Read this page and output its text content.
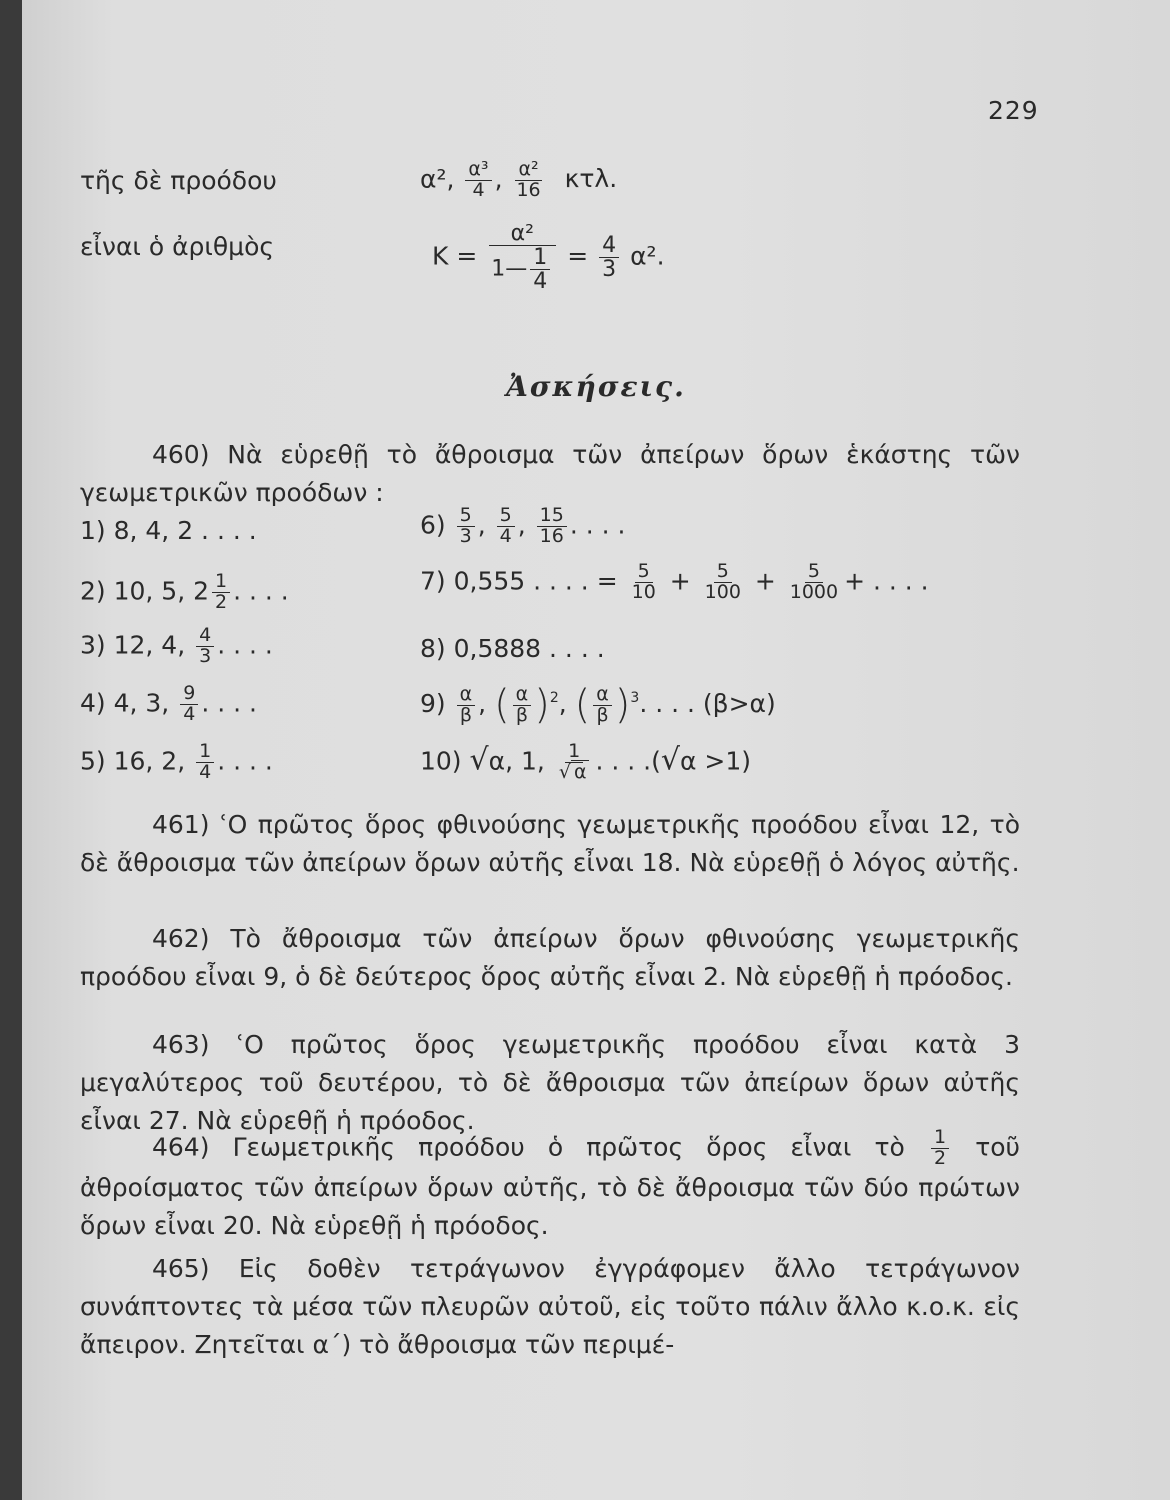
229
τῆς δὲ προόδου	α², $\frac{\text{α³}}{4}$ , $\frac{\text{α²}}{16} \kappa\tau\lambda$.
εἶναι ὁ ἀριθμὸς	$K = \frac{\text{α²}}{1— \frac{1}{4}} = \frac{4}{3} \alpha^2$.
Ἀσκήσεις.
460) Νὰ εὑρεθῇ τὸ ἄθροισμα τῶν ἀπείρων ὅρων ἑκάστης τῶν γεωμετρικῶν προόδων :
1) 8, 4, 2 . . . .
2) 10, 5, $2 \frac{1}{2}$ . . . .
3) 12, 4, $\frac{4}{3}$ . . . .
4) 4, 3, $\frac{9}{4}$ . . . .
5) 16, 2, $\frac{1}{4}$ . . . .
$6) \frac{5}{3}$ , $\frac{5}{4}$ , $\frac{15}{16}$ . . . .
7) 0,555 . . . . = $\frac{5}{10} + \frac{5}{100} + \frac{5}{1000}$ + . . . .
8) 0,5888 . . . .
$9) \frac{\alpha}{\beta}$ , ( $\frac{\alpha}{\beta} )^2$, ( $\frac{\alpha}{\beta} )^3$. . . . (β>α)
10) √α, 1, $\frac{1}{√ \alpha}$ . . . .(√α >1)
461) ʿΟ πρῶτος ὅρος φθινούσης γεωμετρικῆς προόδου εἶναι 12, τὸ δὲ ἄθροισμα τῶν ἀπείρων ὅρων αὐτῆς εἶναι 18. Νὰ εὑρεθῇ ὁ λόγος αὐτῆς.
462) Τὸ ἄθροισμα τῶν ἀπείρων ὅρων φθινούσης γεωμετρικῆς προόδου εἶναι 9, ὁ δὲ δεύτερος ὅρος αὐτῆς εἶναι 2. Νὰ εὑρεθῇ ἡ πρόοδος.
463) ʿΟ πρῶτος ὅρος γεωμετρικῆς προόδου εἶναι κατὰ 3 μεγαλύτερος τοῦ δευτέρου, τὸ δὲ ἄθροισμα τῶν ἀπείρων ὅρων αὐτῆς εἶναι 27. Νὰ εὑρεθῇ ἡ πρόοδος.
464) Γεωμετρικῆς προόδου ὁ πρῶτος ὅρος εἶναι τὸ $\frac{1}{2}$ τοῦ ἀθροίσματος τῶν ἀπείρων ὅρων αὐτῆς, τὸ δὲ ἄθροισμα τῶν δύο πρώτων ὅρων εἶναι 20. Νὰ εὑρεθῇ ἡ πρόοδος.
465) Εἰς δοθὲν τετράγωνον ἐγγράφομεν ἄλλο τετράγωνον συνάπτοντες τὰ μέσα τῶν πλευρῶν αὐτοῦ, εἰς τοῦτο πάλιν ἄλλο κ.ο.κ. εἰς ἄπειρον. Ζητεῖται α΄) τὸ ἄθροισμα τῶν περιμέ-
